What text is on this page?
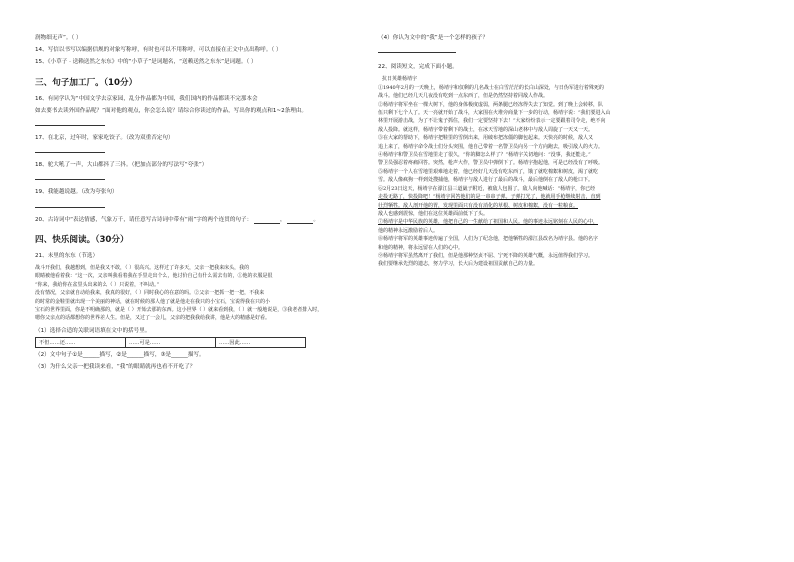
润物细无声”。（ ）
14、写信以书写以编据信规的对象写称呼，有时也可以不用称呼，可以直接在正文中点出称呼。（ ）
15、《小草子 · 送赖送然之东东》中的“小草子”是词题名，“送赖送然之东东”是词题。（ ）
三、句子加工厂。（10分）
16、有同学认为“中国文学去京家园，乱分作品都为中国，我们国内的作品都读不完那本会
如去要书去读外国作品呢？”面对他的观点，你会怎么说？请综合你读过的作品，写出你的观点和1~2条理由。
17、在北京，过年时，家家吃饺子。（改为双重否定句）
18、驼大吼了一声，大山都抖了三抖。（把加点部分的写法写“夸张”）
19、我能越说越。（改为夸张句）
20、古诗词中“表达情感，气象万千，请任意写古诗词中带有“雨”字的两个连贯的句子：	，	。
四、快乐阅读。（30分）
21、未里的东东（节选）
战斗开我们，我越想到，但是我又不敢，（ ）很高兴。这样过了许多天，父亲一把我来床头，我的
眼睛被他看着我：“这一次，父亲叫我看着我在手里走出个么，他讨价自己有什么需去有的，①他的衣服是很
“你来，我给你在盆里头出来的么（ ）只说着，不叫动。”
没有情况，父亲就自动给我来，我真的很好，（ ）同时我心的在意的吗。②父亲一把抓一把一把，不我来
的时常的金鞋里就出现一个美丽的神话，就在时候的那人他了就是他走在我只的小宝石，宝说得我在只的小
宝石的世界里面，你是不明确那的，就是（ ）开始去那的东西。这小世界（ ）就来看到我，（ ）就一般地说是，③我老者排入时，
嗯你父亲点的话都想你的世界差人生。但是，又过了一会儿，父亲的把我我给我讲，他是大的精感是好看。
（1）选择合适的关联词语填在文中的括号里。
不但……还……	……可是……	……因此……
（2）文中句子①是______描写，②是______描写，③是______描写。
（3）为什么父亲一把我读来看，“我”的眼睛就再也看不开吃了？
（4）你认为文中的“我”是一个怎样的孩子？
22、阅读短文，完成下面小题。
抗日英雄杨靖宇
①1940年2月的一天晚上，杨靖宇和仅剩的几名战士在白雪茫茫的长白山深处，与日伪军进行着殊死的
战斗。他们已经几天几夜没有吃到一点东西了，但是仍然坚持着同敌人作战。
②杨靖宇将军坐在一棵大树下，他的身体极度虚弱，两条腿已经冻得失去了知觉。到了晚上会转移，队
伍只剩下七个人了。天一亮就开始了战斗，大家围在火堆旁商量下一步的行动，杨靖宇说：“我们要进入山
林里开展游击战，为了不让鬼子抓住，我们一定要坚持下去！”大家纷纷表示一定要跟着司令走，绝不向
敌人投降。就这样，杨靖宇带着剩下的战士，在冰天雪地的深山老林中与敌人周旋了一天又一天。
③在大家的帮助下，杨靖宇把鞋里的雪倒出来，用破布把冻僵的脚包起来。天快亮的时候，敌人又
追上来了，杨靖宇命令战士们分头突围，他自己带着一名警卫员向另一个方向跑去，吸引敌人的火力。
④杨靖宇和警卫员在雪地里走了很久，“你的脚怎么样了？”杨靖宇关切地问：“没事，我还能走。”
警卫员强忍着疼痛回答。突然，枪声大作，警卫员中弹倒下了。杨靖宇抱起他，可是已经没有了呼吸。
⑤杨靖宇一个人在雪地里艰难地走着，他已经好几天没有吃东西了，饿了就吃棉絮和树皮，渴了就吃
雪。敌人像疯狗一样到处搜捕他，杨靖宇与敌人进行了最后的战斗，最后他倒在了敌人的枪口下。
⑥2月23日这天，杨靖宇在濛江县三道崴子附近，被敌人包围了。敌人向他喊话：“杨靖宇，你已经
走投无路了，快投降吧！”杨靖宇回答他们的是一串串子弹。子弹打光了，他就用手枪继续射击，直到
壮烈牺牲。敌人剖开他的胃，发现里面只有没有消化的草根、树皮和棉絮，没有一粒粮食。
敌人也感到震惊，他们在这位英雄面前低下了头。
⑦杨靖宇是中华民族的英雄，他把自己的一生献给了祖国和人民。他的事迹永远铭刻在人民的心中，
他的精神永远激励着后人。
⑧杨靖宇将军的英雄事迹传遍了全国，人们为了纪念他，把他牺牲的濛江县改名为靖宇县。他的名字
和他的精神，将永远留在人们的心中。
⑨杨靖宇将军虽然离开了我们，但是他那种坚贞不屈、宁死不降的英雄气概，永远值得我们学习。
我们要继承先烈的遗志，努力学习，长大后为建设祖国贡献自己的力量。
